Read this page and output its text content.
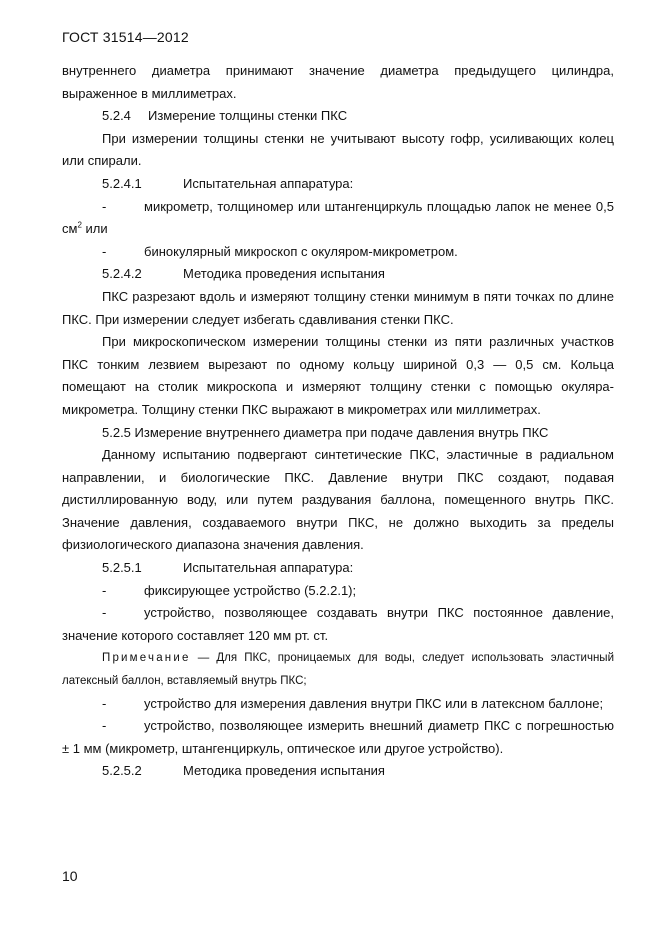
ГОСТ 31514—2012

внутреннего диаметра принимают значение диаметра предыдущего цилиндра, выраженное в миллиметрах.

5.2.4 Измерение толщины стенки ПКС

При измерении толщины стенки не учитывают высоту гофр, усиливающих колец или спирали.

5.2.4.1	Испытательная аппаратура:

-	микрометр, толщиномер или штангенциркуль площадью лапок не менее 0,5 $см^2$ или

-	бинокулярный микроскоп с окуляром-микрометром.

5.2.4.2	Методика проведения испытания

ПКС разрезают вдоль и измеряют толщину стенки минимум в пяти точках по длине ПКС. При измерении следует избегать сдавливания стенки ПКС.

При микроскопическом измерении толщины стенки из пяти различных участков ПКС тонким лезвием вырезают по одному кольцу шириной 0,3 — 0,5 см. Кольца помещают на столик микроскопа и измеряют толщину стенки с помощью окуляра-микрометра. Толщину стенки ПКС выражают в микрометрах или миллиметрах.

5.2.5 Измерение внутреннего диаметра при подаче давления внутрь ПКС

Данному испытанию подвергают синтетические ПКС, эластичные в радиальном направлении, и биологические ПКС. Давление внутри ПКС создают, подавая дистиллированную воду, или путем раздувания баллона, помещенного внутрь ПКС. Значение давления, создаваемого внутри ПКС, не должно выходить за пределы физиологического диапазона значения давления.

5.2.5.1	Испытательная аппаратура:

-	фиксирующее устройство (5.2.2.1);

-	устройство, позволяющее создавать внутри ПКС постоянное давление, значение которого составляет 120 мм рт. ст.

Примечание — Для ПКС, проницаемых для воды, следует использовать эластичный латексный баллон, вставляемый внутрь ПКС;

-	устройство для измерения давления внутри ПКС или в латексном баллоне;

-	устройство, позволяющее измерить внешний диаметр ПКС с погрешностью ± 1 мм (микрометр, штангенциркуль, оптическое или другое устройство).

5.2.5.2	Методика проведения испытания
10
